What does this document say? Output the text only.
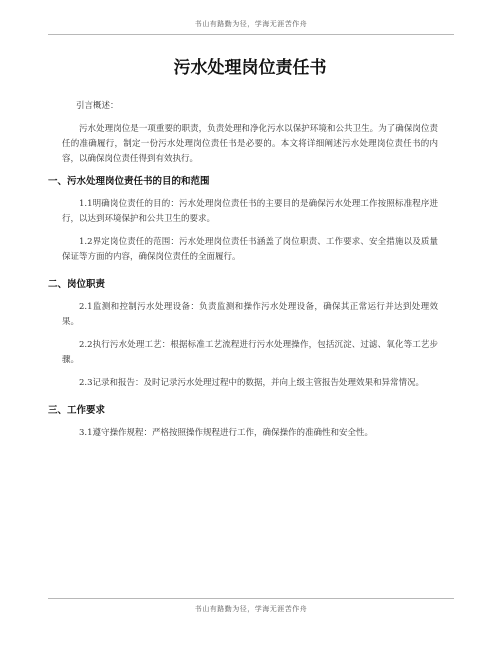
书山有路勤为径，学海无涯苦作舟
污水处理岗位责任书

引言概述：

污水处理岗位是一项重要的职责，负责处理和净化污水以保护环境和公共卫生。为了确保岗位责任的准确履行，制定一份污水处理岗位责任书是必要的。本文将详细阐述污水处理岗位责任书的内容，以确保岗位责任得到有效执行。

一、污水处理岗位责任书的目的和范围

1.1明确岗位责任的目的：污水处理岗位责任书的主要目的是确保污水处理工作按照标准程序进行，以达到环境保护和公共卫生的要求。

1.2界定岗位责任的范围：污水处理岗位责任书涵盖了岗位职责、工作要求、安全措施以及质量保证等方面的内容，确保岗位责任的全面履行。

二、岗位职责

2.1监测和控制污水处理设备：负责监测和操作污水处理设备，确保其正常运行并达到处理效果。

2.2执行污水处理工艺：根据标准工艺流程进行污水处理操作，包括沉淀、过滤、氧化等工艺步骤。

2.3记录和报告：及时记录污水处理过程中的数据，并向上级主管报告处理效果和异常情况。

三、工作要求

3.1遵守操作规程：严格按照操作规程进行工作，确保操作的准确性和安全性。

书山有路勤为径，学海无涯苦作舟
